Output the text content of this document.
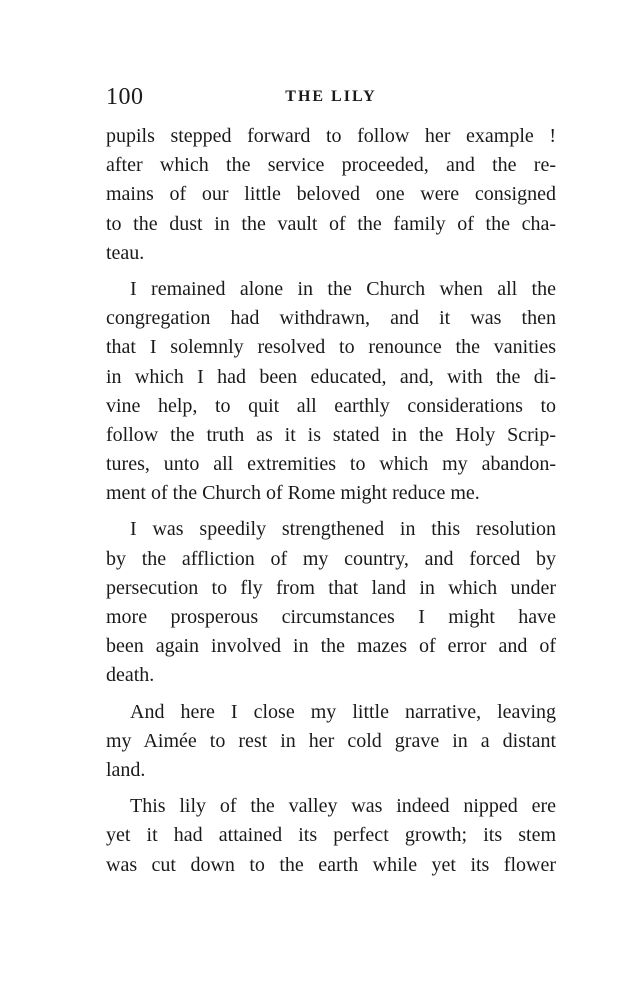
100	THE LILY
pupils stepped forward to follow her example !
after which the service proceeded, and the re-
mains of our little beloved one were consigned
to the dust in the vault of the family of the cha-
teau.
I remained alone in the Church when all the
congregation had withdrawn, and it was then
that I solemnly resolved to renounce the vanities
in which I had been educated, and, with the di-
vine help, to quit all earthly considerations to
follow the truth as it is stated in the Holy Scrip-
tures, unto all extremities to which my abandon-
ment of the Church of Rome might reduce me.
I was speedily strengthened in this resolution
by the affliction of my country, and forced by
persecution to fly from that land in which under
more prosperous circumstances I might have
been again involved in the mazes of error and of
death.
And here I close my little narrative, leaving
my Aimée to rest in her cold grave in a distant
land.
This lily of the valley was indeed nipped ere
yet it had attained its perfect growth; its stem
was cut down to the earth while yet its flower
